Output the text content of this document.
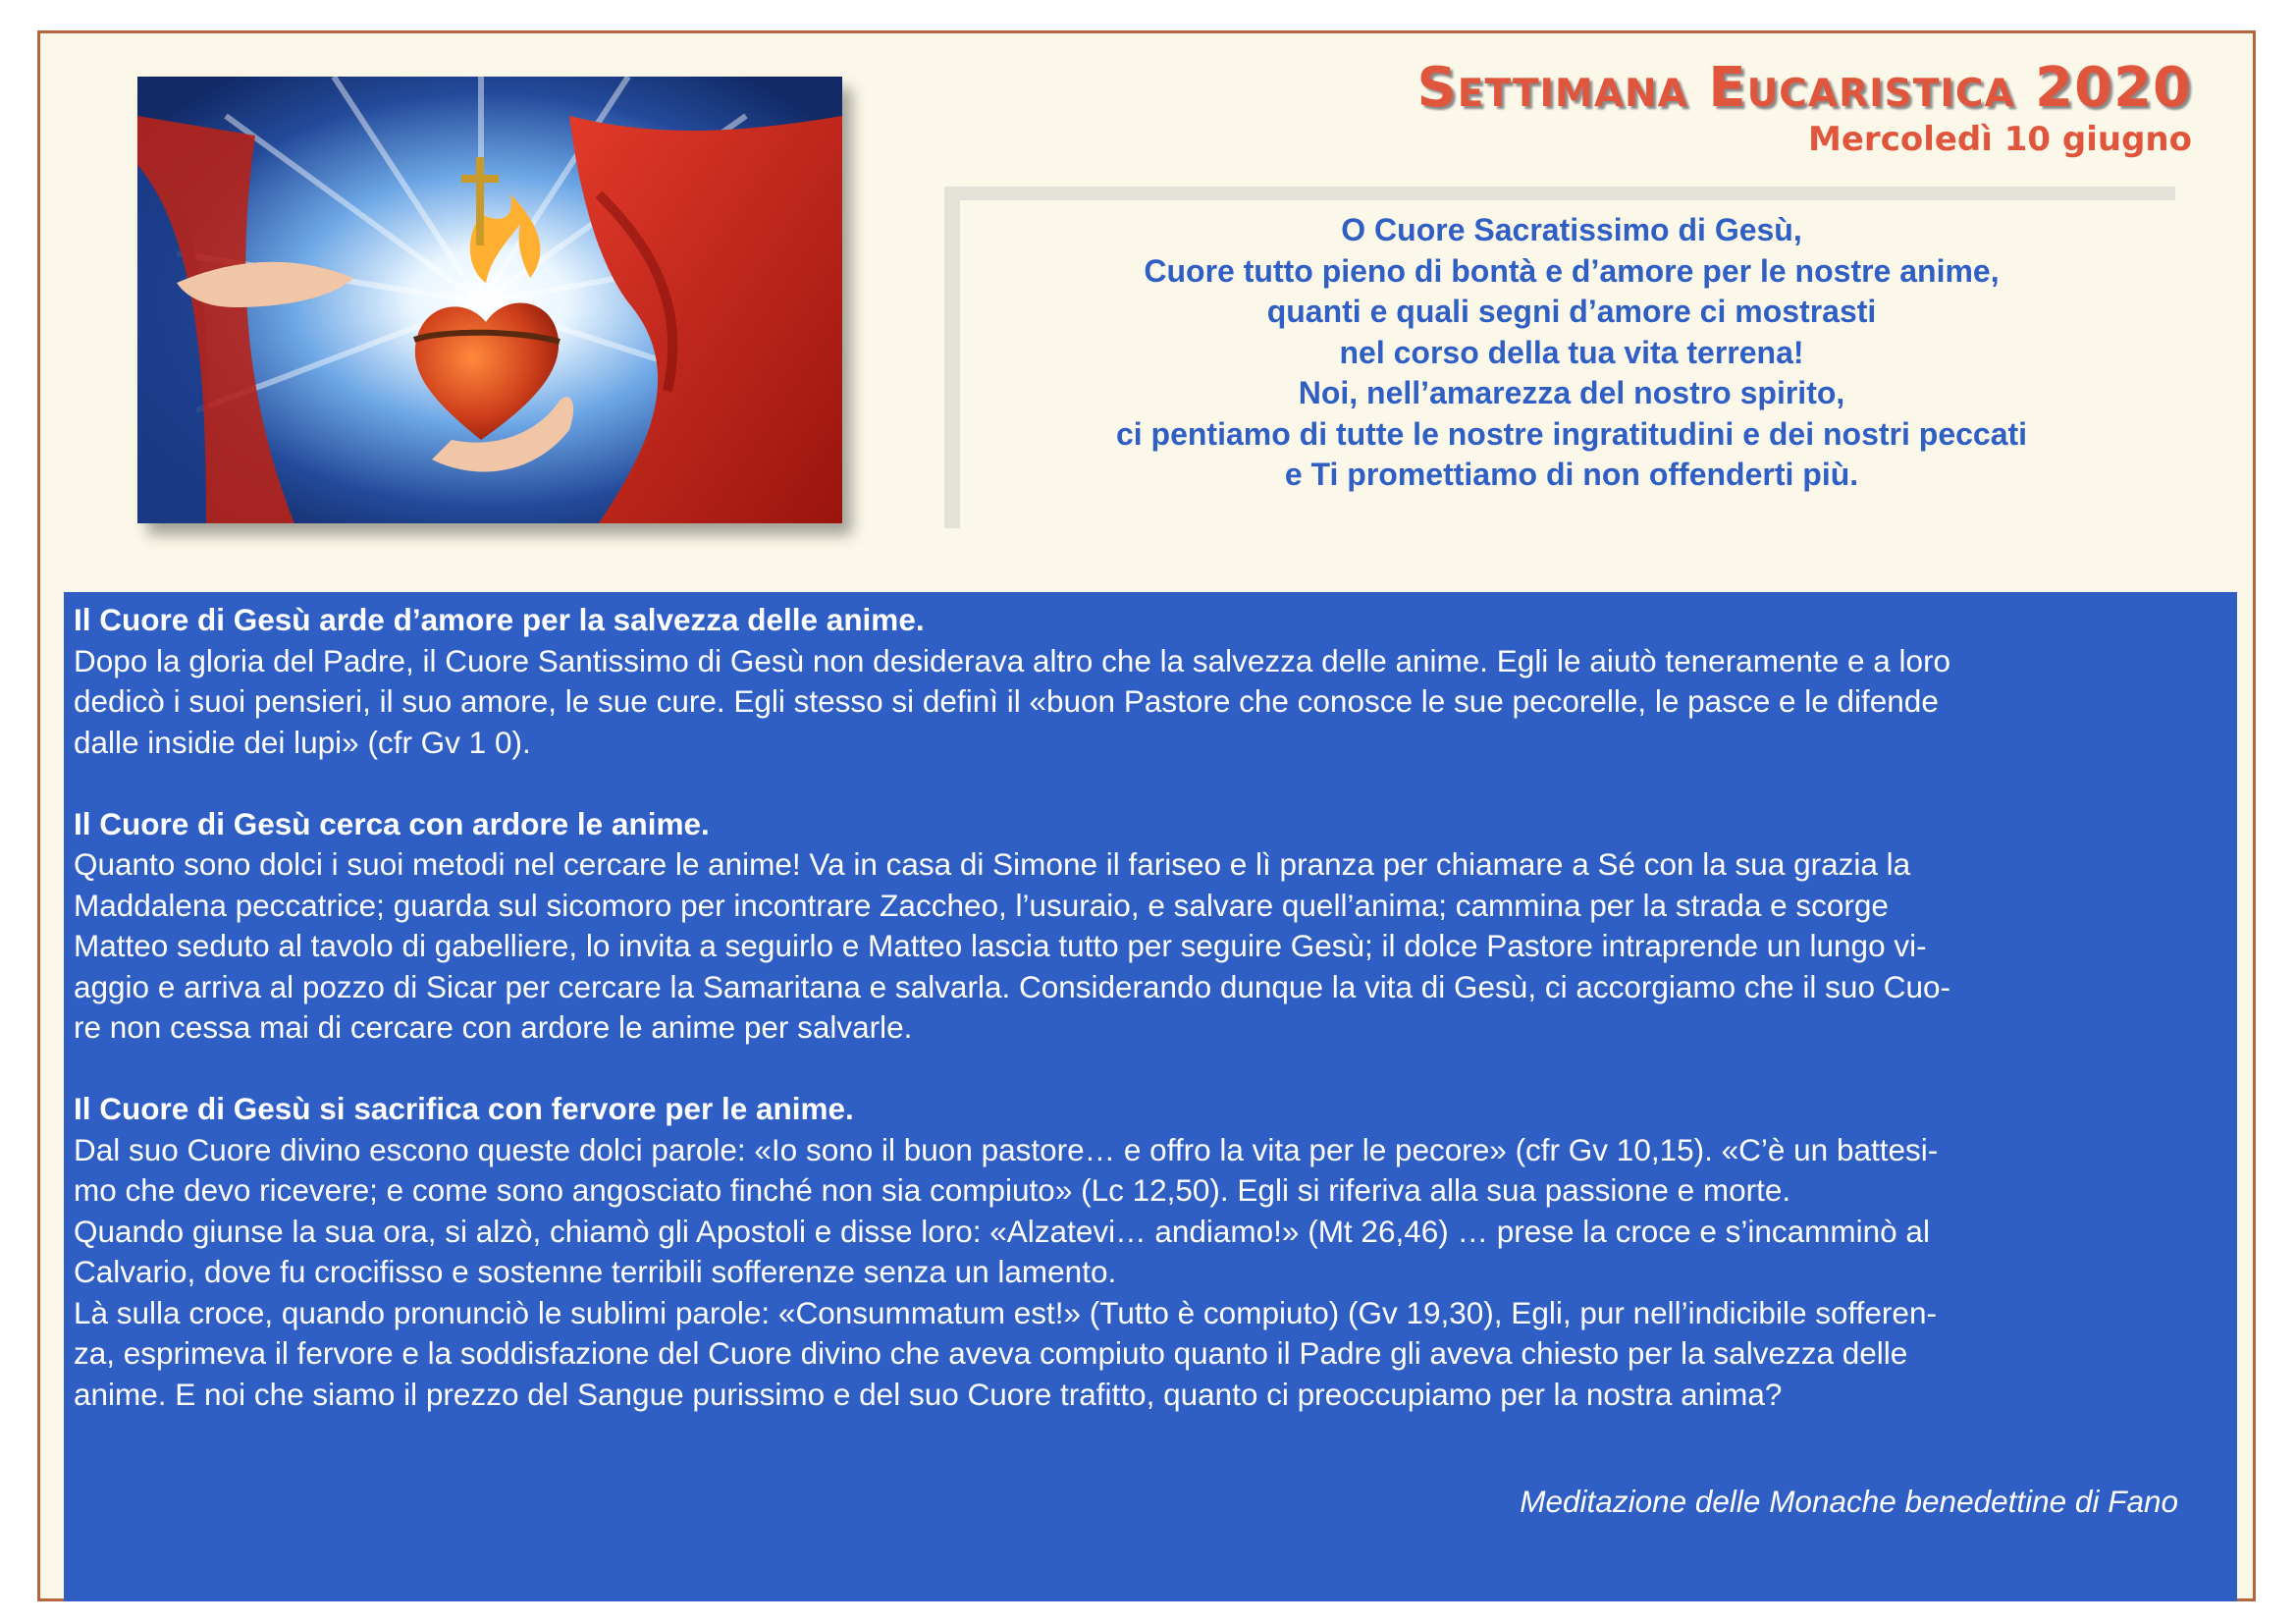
Settimana Eucaristica 2020
Mercoledì 10 giugno
O Cuore Sacratissimo di Gesù,
Cuore tutto pieno di bontà e d’amore per le nostre anime,
quanti e quali segni d’amore ci mostrasti
nel corso della tua vita terrena!
Noi, nell’amarezza del nostro spirito,
ci pentiamo di tutte le nostre ingratitudini e dei nostri peccati
e Ti promettiamo di non offenderti più.
Il Cuore di Gesù arde d’amore per la salvezza delle anime.
Dopo la gloria del Padre, il Cuore Santissimo di Gesù non desiderava altro che la salvezza delle anime. Egli le aiutò teneramente e a loro
dedicò i suoi pensieri, il suo amore, le sue cure. Egli stesso si definì il «buon Pastore che conosce le sue pecorelle, le pasce e le difende
dalle insidie dei lupi» (cfr Gv 1 0).
Il Cuore di Gesù cerca con ardore le anime.
Quanto sono dolci i suoi metodi nel cercare le anime! Va in casa di Simone il fariseo e lì pranza per chiamare a Sé con la sua grazia la
Maddalena peccatrice; guarda sul sicomoro per incontrare Zaccheo, l’usuraio, e salvare quell’anima; cammina per la strada e scorge
Matteo seduto al tavolo di gabelliere, lo invita a seguirlo e Matteo lascia tutto per seguire Gesù; il dolce Pastore intraprende un lungo vi-
aggio e arriva al pozzo di Sicar per cercare la Samaritana e salvarla. Considerando dunque la vita di Gesù, ci accorgiamo che il suo Cuo-
re non cessa mai di cercare con ardore le anime per salvarle.
Il Cuore di Gesù si sacrifica con fervore per le anime.
Dal suo Cuore divino escono queste dolci parole: «Io sono il buon pastore… e offro la vita per le pecore» (cfr Gv 10,15). «C’è un battesi-
mo che devo ricevere; e come sono angosciato finché non sia compiuto» (Lc 12,50). Egli si riferiva alla sua passione e morte.
Quando giunse la sua ora, si alzò, chiamò gli Apostoli e disse loro: «Alzatevi… andiamo!» (Mt 26,46) … prese la croce e s’incamminò al
Calvario, dove fu crocifisso e sostenne terribili sofferenze senza un lamento.
Là sulla croce, quando pronunciò le sublimi parole: «Consummatum est!» (Tutto è compiuto) (Gv 19,30), Egli, pur nell’indicibile sofferen-
za, esprimeva il fervore e la soddisfazione del Cuore divino che aveva compiuto quanto il Padre gli aveva chiesto per la salvezza delle
anime. E noi che siamo il prezzo del Sangue purissimo e del suo Cuore trafitto, quanto ci preoccupiamo per la nostra anima?
Meditazione delle Monache benedettine di Fano
